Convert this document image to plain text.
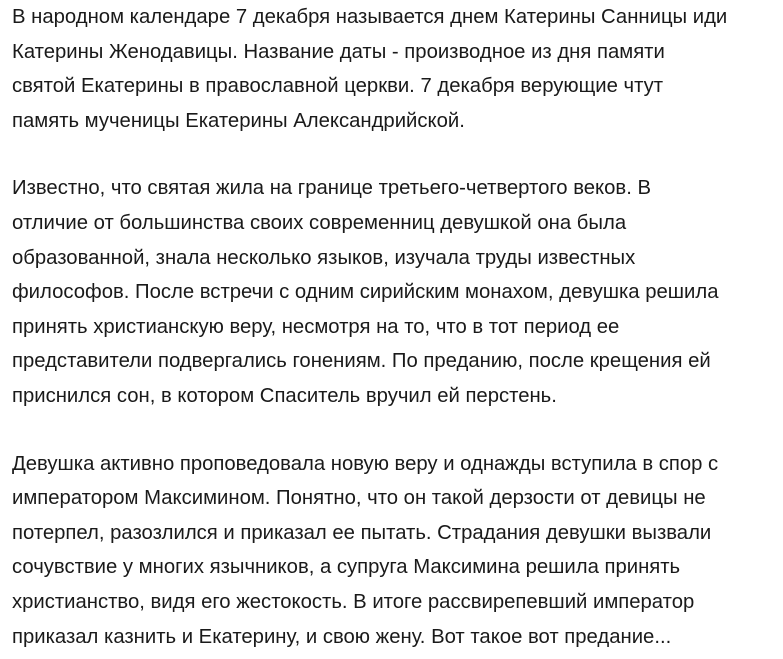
В народном календаре 7 декабря называется днем Катерины Санницы иди
Катерины Женодавицы. Название даты - производное из дня памяти
святой Екатерины в православной церкви. 7 декабря верующие чтут
память мученицы Екатерины Александрийской.

Известно, что святая жила на границе третьего-четвертого веков. В
отличие от большинства своих современниц девушкой она была
образованной, знала несколько языков, изучала труды известных
философов. После встречи с одним сирийским монахом, девушка решила
принять христианскую веру, несмотря на то, что в тот период ее
представители подвергались гонениям. По преданию, после крещения ей
приснился сон, в котором Спаситель вручил ей перстень.

Девушка активно проповедовала новую веру и однажды вступила в спор с
императором Максимином. Понятно, что он такой дерзости от девицы не
потерпел, разозлился и приказал ее пытать. Страдания девушки вызвали
сочувствие у многих язычников, а супруга Максимина решила принять
христианство, видя его жестокость. В итоге рассвирепевший император
приказал казнить и Екатерину, и свою жену. Вот такое вот предание...
